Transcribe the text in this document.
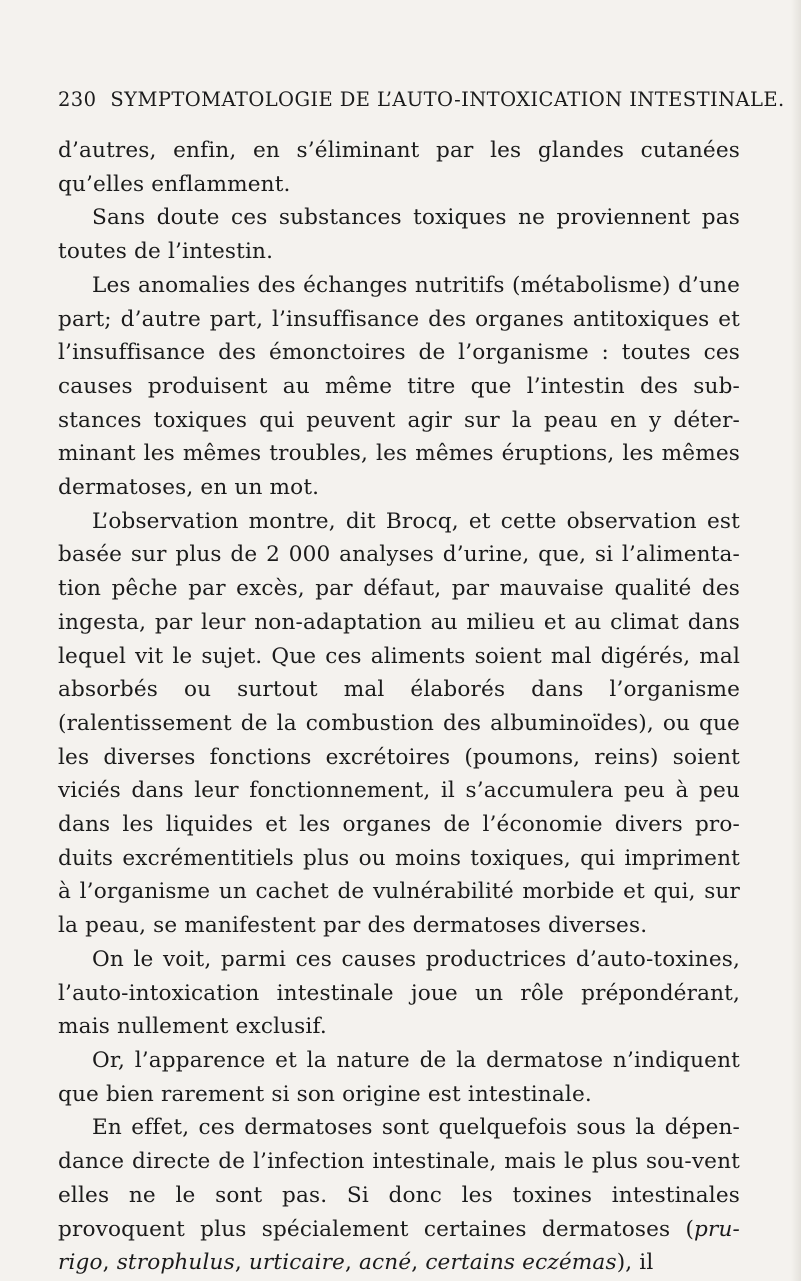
230 SYMPTOMATOLOGIE DE L’AUTO-INTOXICATION INTESTINALE.

d’autres, enfin, en s’éliminant par les glandes cutanées qu’elles enflamment.

Sans doute ces substances toxiques ne proviennent pas toutes de l’intestin.

Les anomalies des échanges nutritifs (métabolisme) d’une part; d’autre part, l’insuffisance des organes antitoxiques et l’insuffisance des émonctoires de l’organisme : toutes ces causes produisent au même titre que l’intestin des sub-stances toxiques qui peuvent agir sur la peau en y déter-minant les mêmes troubles, les mêmes éruptions, les mêmes dermatoses, en un mot.

L’observation montre, dit Brocq, et cette observation est basée sur plus de 2 000 analyses d’urine, que, si l’alimenta-tion pêche par excès, par défaut, par mauvaise qualité des ingesta, par leur non-adaptation au milieu et au climat dans lequel vit le sujet. Que ces aliments soient mal digérés, mal absorbés ou surtout mal élaborés dans l’organisme (ralentissement de la combustion des albuminoïdes), ou que les diverses fonctions excrétoires (poumons, reins) soient viciés dans leur fonctionnement, il s’accumulera peu à peu dans les liquides et les organes de l’économie divers pro-duits excrémentitiels plus ou moins toxiques, qui impriment à l’organisme un cachet de vulnérabilité morbide et qui, sur la peau, se manifestent par des dermatoses diverses.

On le voit, parmi ces causes productrices d’auto-toxines, l’auto-intoxication intestinale joue un rôle prépondérant, mais nullement exclusif.

Or, l’apparence et la nature de la dermatose n’indiquent que bien rarement si son origine est intestinale.

En effet, ces dermatoses sont quelquefois sous la dépen-dance directe de l’infection intestinale, mais le plus sou-vent elles ne le sont pas. Si donc les toxines intestinales provoquent plus spécialement certaines dermatoses (pru-rigo, strophulus, urticaire, acné, certains eczémas), il
